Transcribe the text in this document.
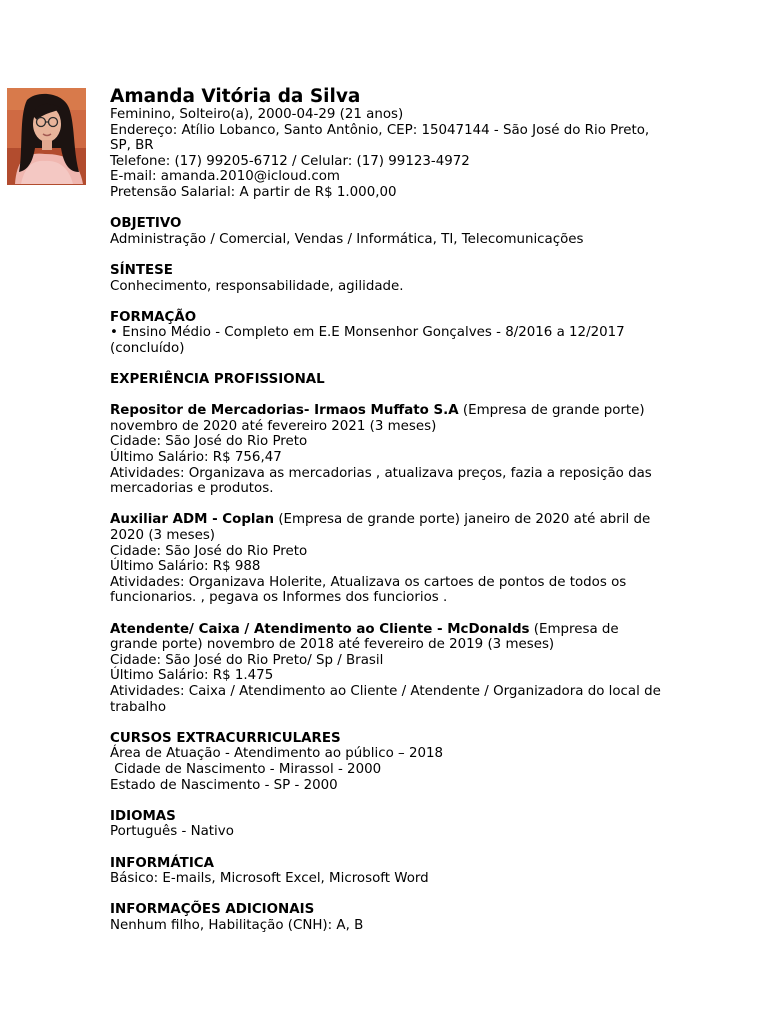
Amanda Vitória da Silva

Feminino, Solteiro(a), 2000-04-29 (21 anos)

Endereço: Atílio Lobanco, Santo Antônio, CEP: 15047144 - São José do Rio Preto, SP, BR

Telefone: (17) 99205-6712 / Celular: (17) 99123-4972

E-mail: amanda.2010@icloud.com

Pretensão Salarial: A partir de R$ 1.000,00

OBJETIVO

Administração / Comercial, Vendas / Informática, TI, Telecomunicações

SÍNTESE

Conhecimento, responsabilidade, agilidade.

FORMAÇÃO

• Ensino Médio - Completo em E.E Monsenhor Gonçalves - 8/2016 a 12/2017 (concluído)

EXPERIÊNCIA PROFISSIONAL

Repositor de Mercadorias- Irmaos Muffato S.A (Empresa de grande porte) novembro de 2020 até fevereiro 2021 (3 meses)

Cidade: São José do Rio Preto

Último Salário: R$ 756,47

Atividades: Organizava as mercadorias , atualizava preços, fazia a reposição das mercadorias e produtos.

Auxiliar ADM - Coplan (Empresa de grande porte) janeiro de 2020 até abril de 2020 (3 meses)

Cidade: São José do Rio Preto

Último Salário: R$ 988

Atividades: Organizava Holerite, Atualizava os cartoes de pontos de todos os funcionarios. , pegava os Informes dos funciorios .

Atendente/ Caixa / Atendimento ao Cliente - McDonalds (Empresa de grande porte) novembro de 2018 até fevereiro de 2019 (3 meses)

Cidade: São José do Rio Preto/ Sp / Brasil

Último Salário: R$ 1.475

Atividades: Caixa / Atendimento ao Cliente / Atendente / Organizadora do local de trabalho

CURSOS EXTRACURRICULARES

Área de Atuação - Atendimento ao público – 2018

Cidade de Nascimento - Mirassol - 2000

Estado de Nascimento - SP - 2000

IDIOMAS

Português - Nativo

INFORMÁTICA

Básico: E-mails, Microsoft Excel, Microsoft Word

INFORMAÇÕES ADICIONAIS

Nenhum filho, Habilitação (CNH): A, B
